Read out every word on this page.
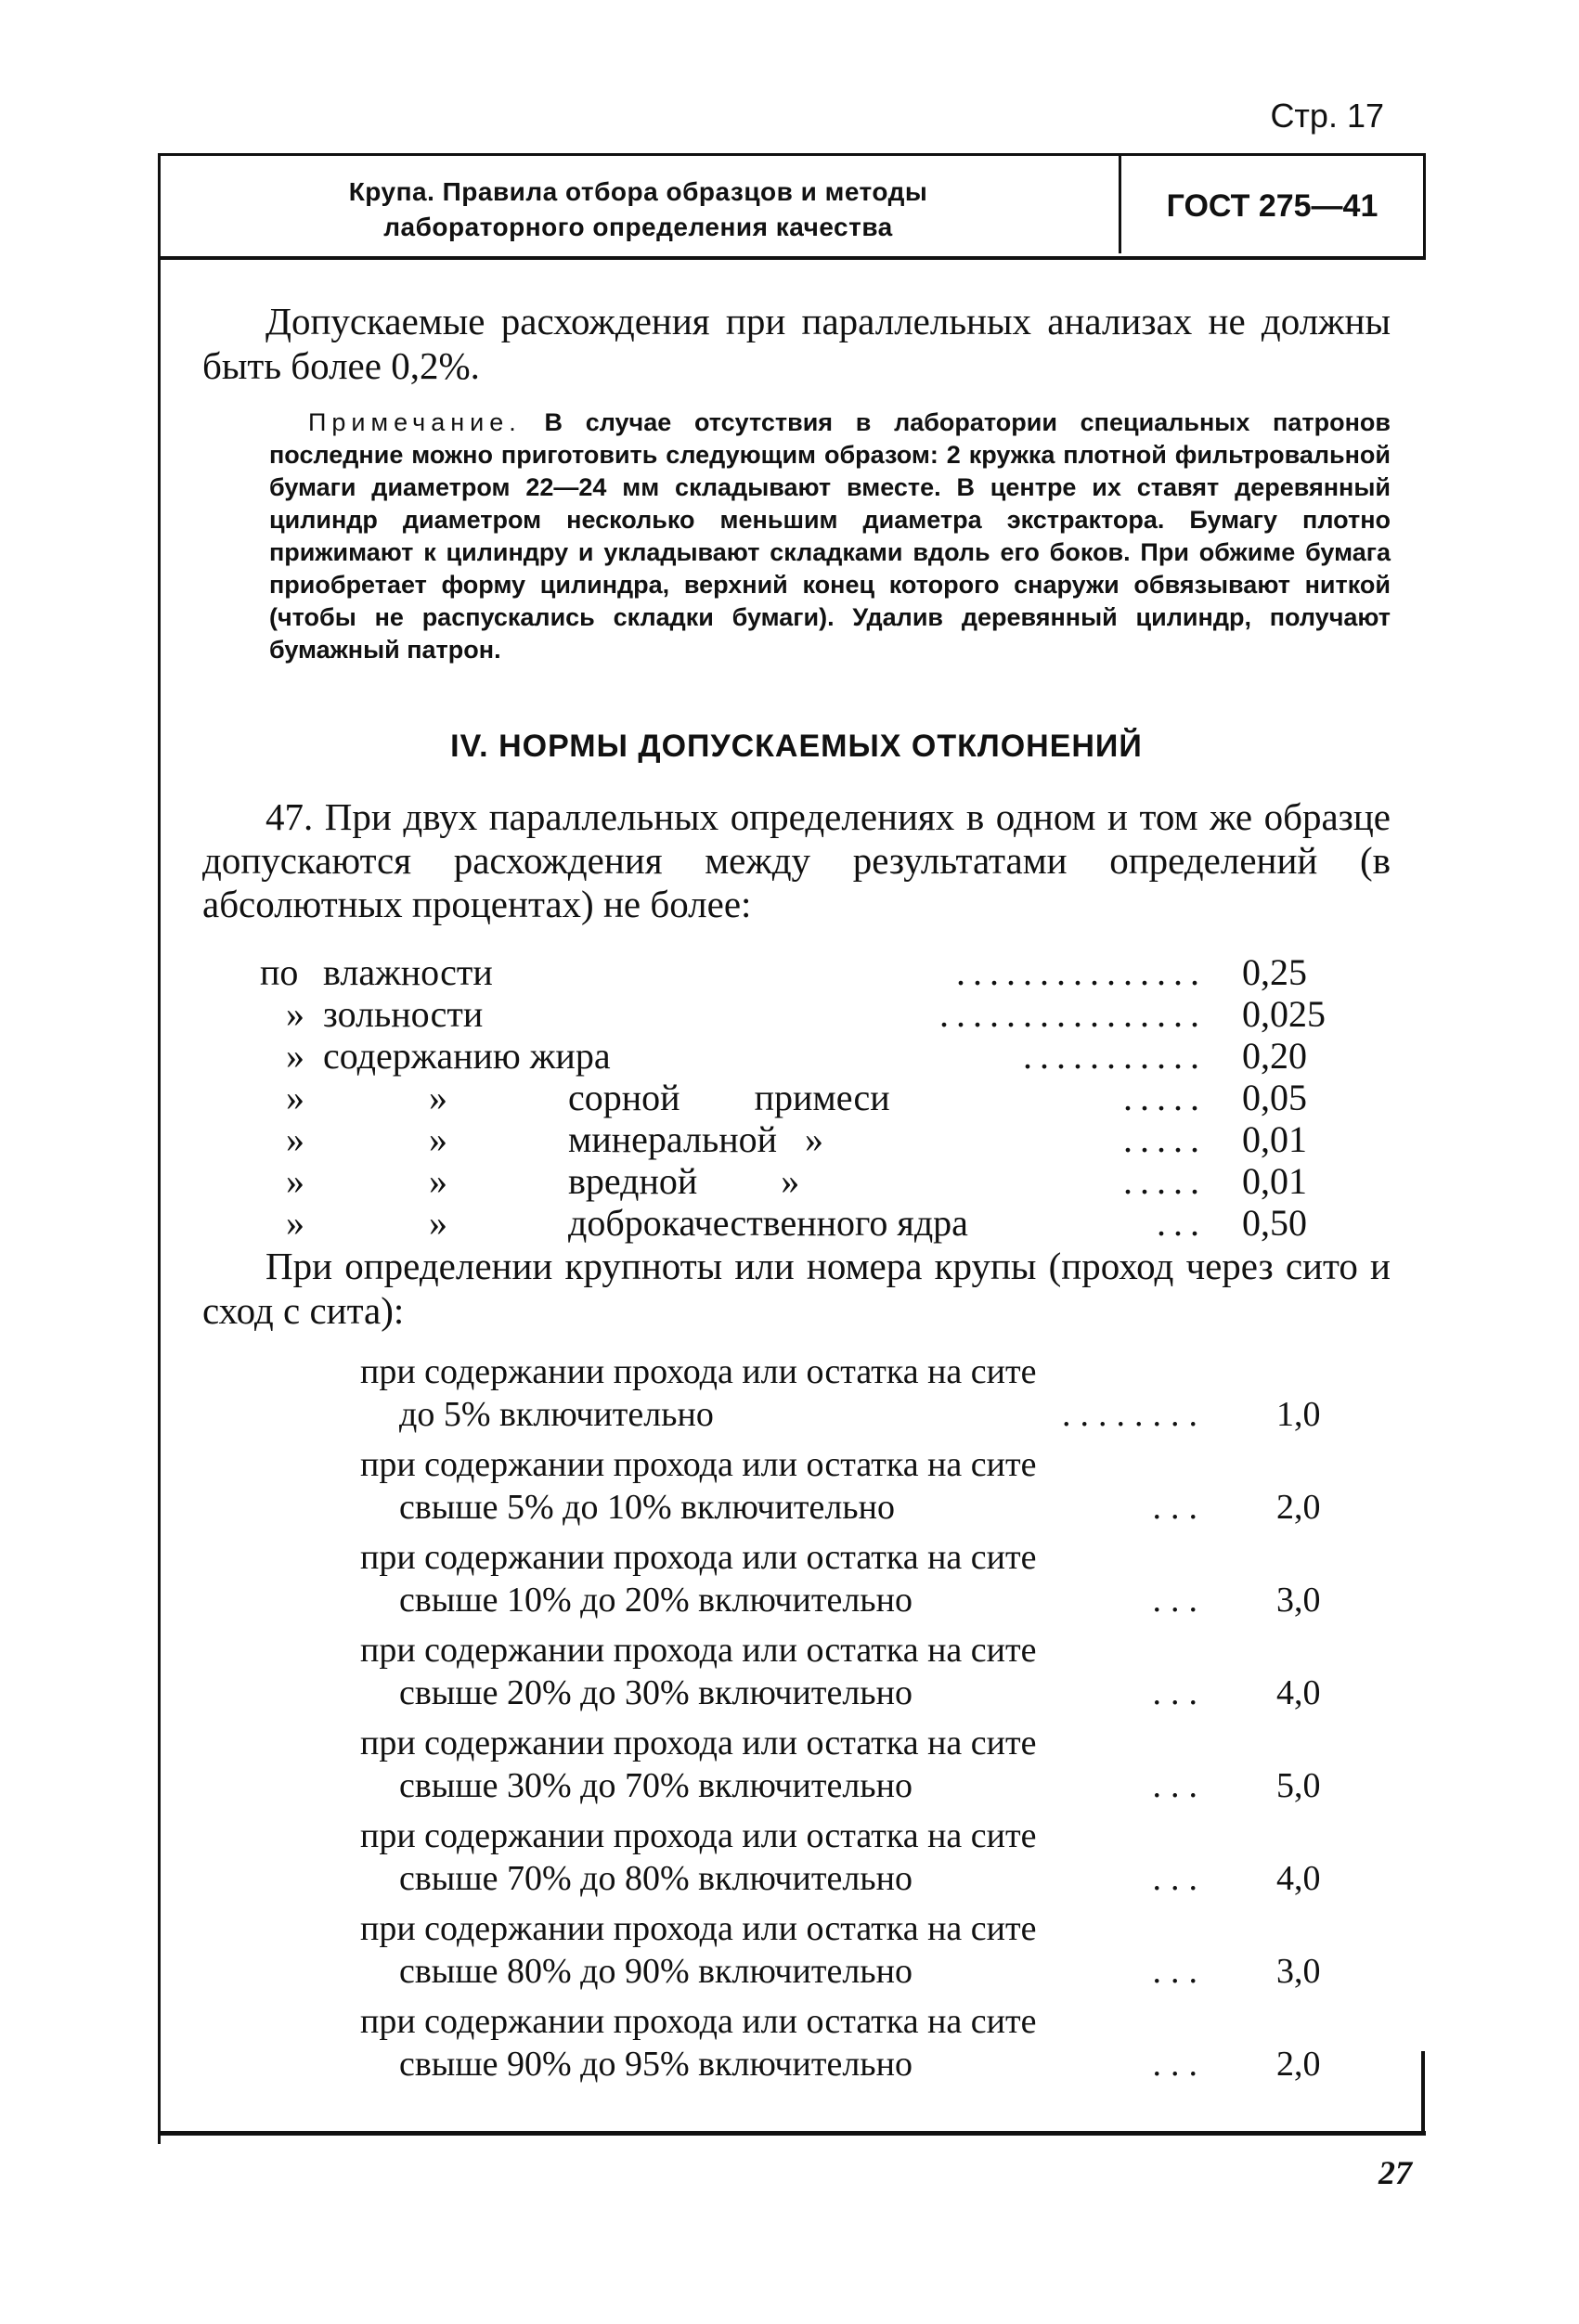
Стр. 17
Крупа. Правила отбора образцов и методы
лабораторного определения качества
ГОСТ 275—41

Допускаемые расхождения при параллельных анализах не должны быть более 0,2%.

Примечание. В случае отсутствия в лаборатории специальных патронов последние можно приготовить следующим образом: 2 кружка плотной фильтровальной бумаги диаметром 22—24 мм складывают вместе. В центре их ставят деревянный цилиндр диаметром несколько меньшим диаметра экстрактора. Бумагу плотно прижимают к цилиндру и укладывают складками вдоль его боков. При обжиме бумага приобретает форму цилиндра, верхний конец которого снаружи обвязывают ниткой (чтобы не распускались складки бумаги). Удалив деревянный цилиндр, получают бумажный патрон.
IV. НОРМЫ ДОПУСКАЕМЫХ ОТКЛОНЕНИЙ

47. При двух параллельных определениях в одном и том же образце допускаются расхождения между результатами определений (в абсолютных процентах) не более:

по влажности	............... 0,25
» зольности	................ 0,025
» содержанию жира	........... 0,20
»	»	сорной        примеси	..... 0,05
»	»	минеральной   »	..... 0,01
»	»	вредной         »	..... 0,01
»	»	доброкачественного ядра	... 0,50

При определении крупноты или номера крупы (проход через сито и сход с сита):

при содержании прохода или остатка на сите
до 5% включительно	........ 1,0
при содержании прохода или остатка на сите
свыше 5% до 10% включительно	... 2,0
при содержании прохода или остатка на сите
свыше 10% до 20% включительно	... 3,0
при содержании прохода или остатка на сите
свыше 20% до 30% включительно	... 4,0
при содержании прохода или остатка на сите
свыше 30% до 70% включительно	... 5,0
при содержании прохода или остатка на сите
свыше 70% до 80% включительно	... 4,0
при содержании прохода или остатка на сите
свыше 80% до 90% включительно	... 3,0
при содержании прохода или остатка на сите
свыше 90% до 95% включительно	... 2,0
27
